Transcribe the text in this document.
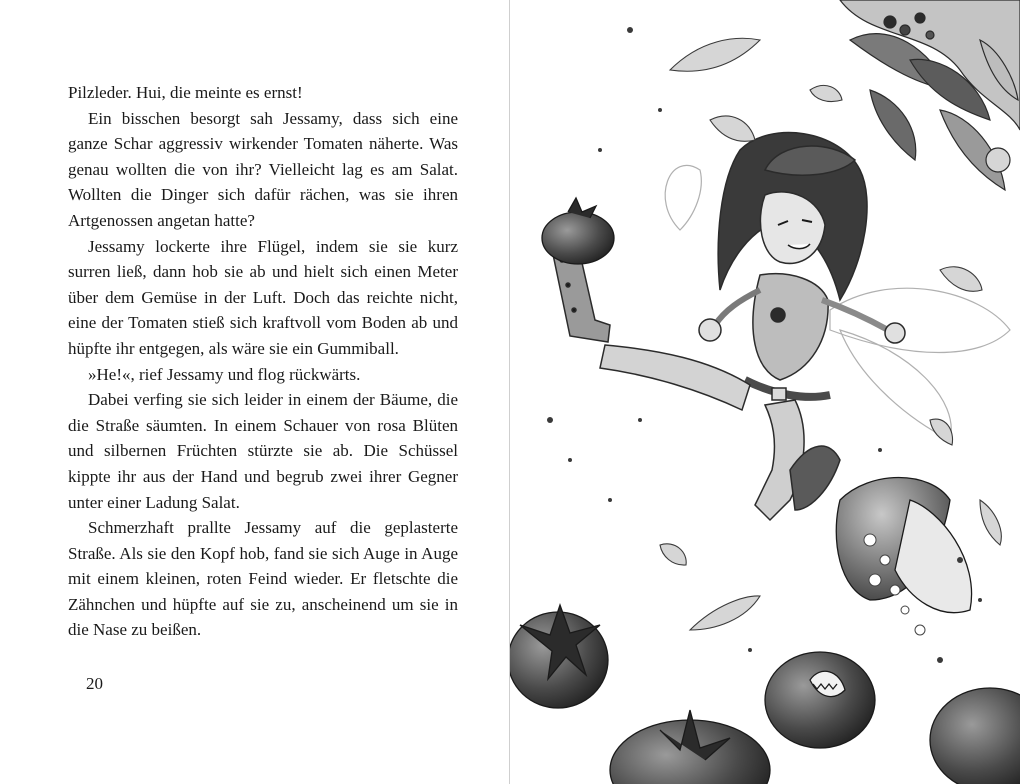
Pilzleder. Hui, die meinte es ernst!

Ein bisschen besorgt sah Jessamy, dass sich eine ganze Schar aggressiv wirkender Tomaten näherte. Was genau wollten die von ihr? Vielleicht lag es am Salat. Wollten die Dinger sich dafür rächen, was sie ihren Artgenossen angetan hatte?

Jessamy lockerte ihre Flügel, indem sie sie kurz surren ließ, dann hob sie ab und hielt sich einen Meter über dem Gemüse in der Luft. Doch das reichte nicht, eine der Tomaten stieß sich kraftvoll vom Boden ab und hüpfte ihr entgegen, als wäre sie ein Gummiball.

»He!«, rief Jessamy und flog rückwärts.

Dabei verfing sie sich leider in einem der Bäume, die die Straße säumten. In einem Schauer von rosa Blüten und silbernen Früchten stürzte sie ab. Die Schüssel kippte ihr aus der Hand und begrub zwei ihrer Gegner unter einer Ladung Salat.

Schmerzhaft prallte Jessamy auf die geplasterte Straße. Als sie den Kopf hob, fand sie sich Auge in Auge mit einem kleinen, roten Feind wieder. Er fletschte die Zähnchen und hüpfte auf sie zu, anscheinend um sie in die Nase zu beißen.

20
